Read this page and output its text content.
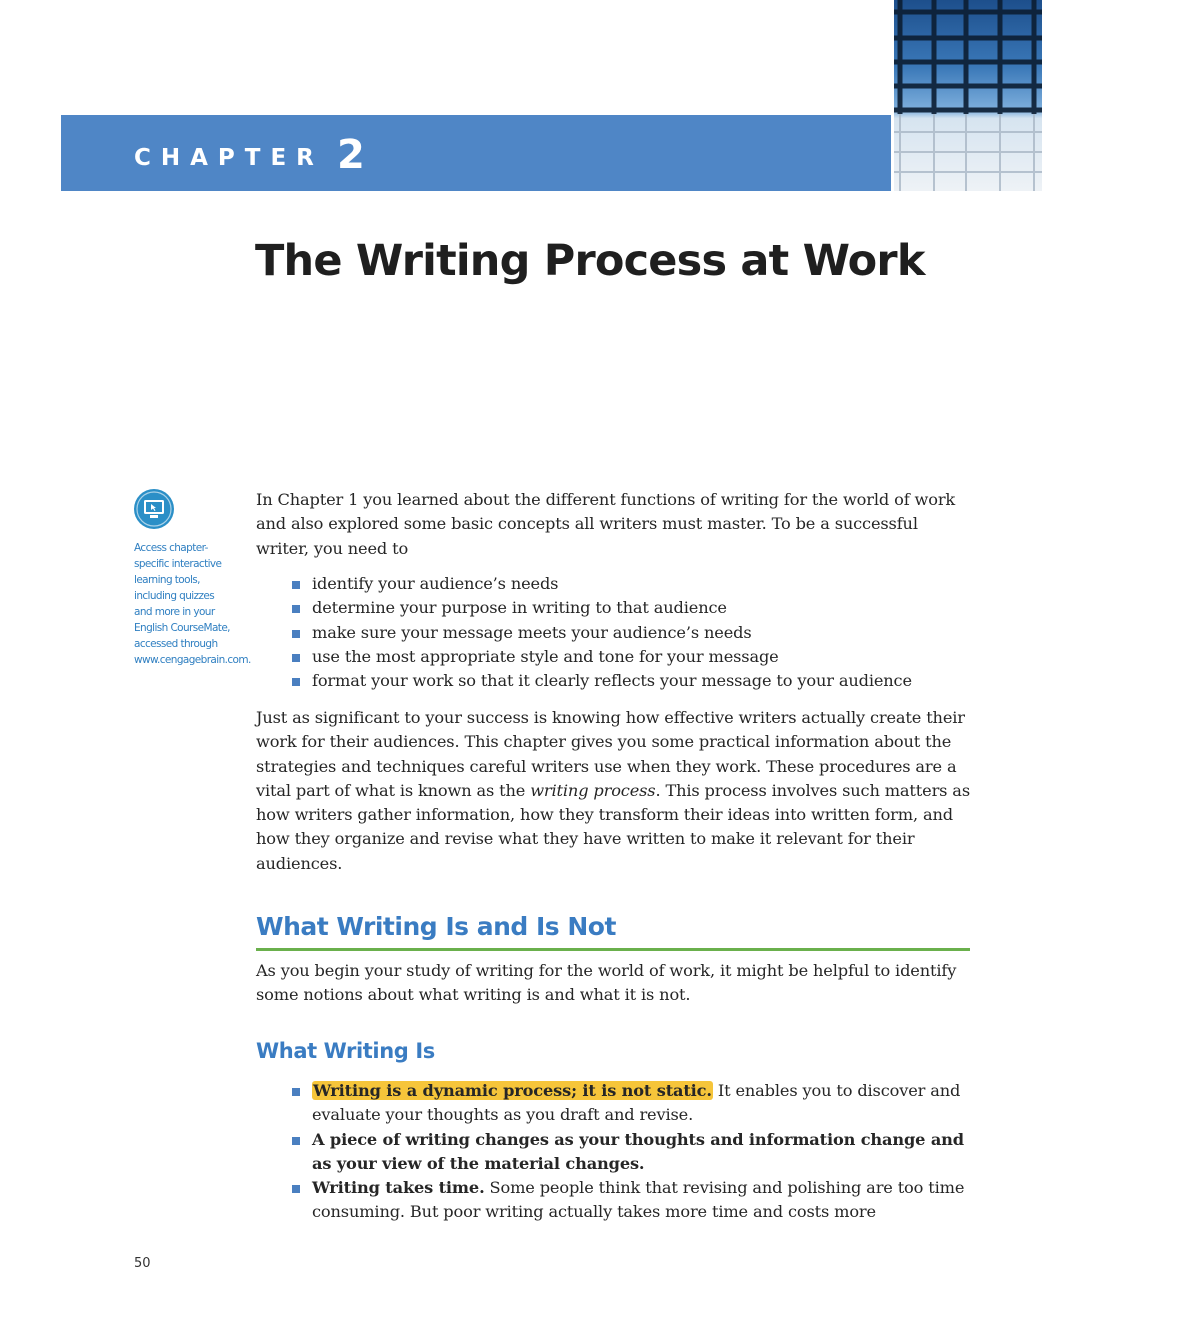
CHAPTER 2
The Writing Process at Work
Access chapter-specific interactive learning tools, including quizzes and more in your English CourseMate, accessed through www.cengagebrain.com.

In Chapter 1 you learned about the different functions of writing for the world of work and also explored some basic concepts all writers must master. To be a successful writer, you need to

identify your audience’s needs
determine your purpose in writing to that audience
make sure your message meets your audience’s needs
use the most appropriate style and tone for your message
format your work so that it clearly reflects your message to your audience

Just as significant to your success is knowing how effective writers actually create their work for their audiences. This chapter gives you some practical information about the strategies and techniques careful writers use when they work. These procedures are a vital part of what is known as the writing process. This process involves such matters as how writers gather information, how they transform their ideas into written form, and how they organize and revise what they have written to make it relevant for their audiences.

What Writing Is and Is Not

As you begin your study of writing for the world of work, it might be helpful to identify some notions about what writing is and what it is not.

What Writing Is
Writing is a dynamic process; it is not static. It enables you to discover and evaluate your thoughts as you draft and revise.
A piece of writing changes as your thoughts and information change and as your view of the material changes.
Writing takes time. Some people think that revising and polishing are too time consuming. But poor writing actually takes more time and costs more
50
